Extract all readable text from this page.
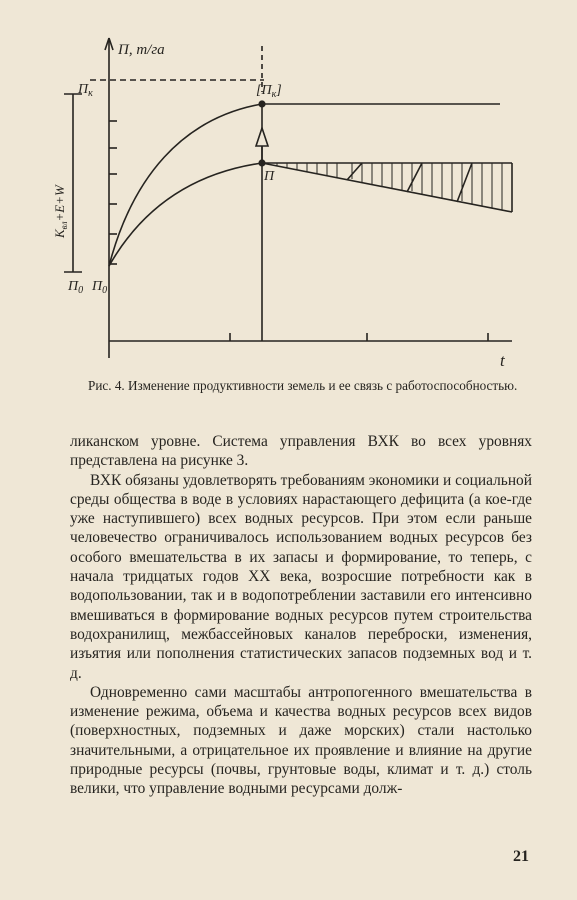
П, т/га
t
$П_к$	$[П_к]$
П
$П_0$ $П_0$
$K_{вл}+E+W$
Рис. 4. Изменение продуктивности земель и ее связь с работоспособностью.

ликанском уровне. Система управления ВХК во всех уровнях представлена на рисунке 3.

ВХК обязаны удовлетворять требованиям экономики и социальной среды общества в воде в условиях нарастающего дефицита (а кое-где уже наступившего) всех водных ресурсов. При этом если раньше человечество ограничивалось использованием водных ресурсов без особого вмешательства в их запасы и формирование, то теперь, с начала тридцатых годов XX века, возросшие потребности как в водопользовании, так и в водопотреблении заставили его интенсивно вмешиваться в формирование водных ресурсов путем строительства водохранилищ, межбассейновых каналов переброски, изменения, изъятия или пополнения статистических запасов подземных вод и т. д.

Одновременно сами масштабы антропогенного вмешательства в изменение режима, объема и качества водных ресурсов всех видов (поверхностных, подземных и даже морских) стали настолько значительными, а отрицательное их проявление и влияние на другие природные ресурсы (почвы, грунтовые воды, климат и т. д.) столь велики, что управление водными ресурсами долж-

21
